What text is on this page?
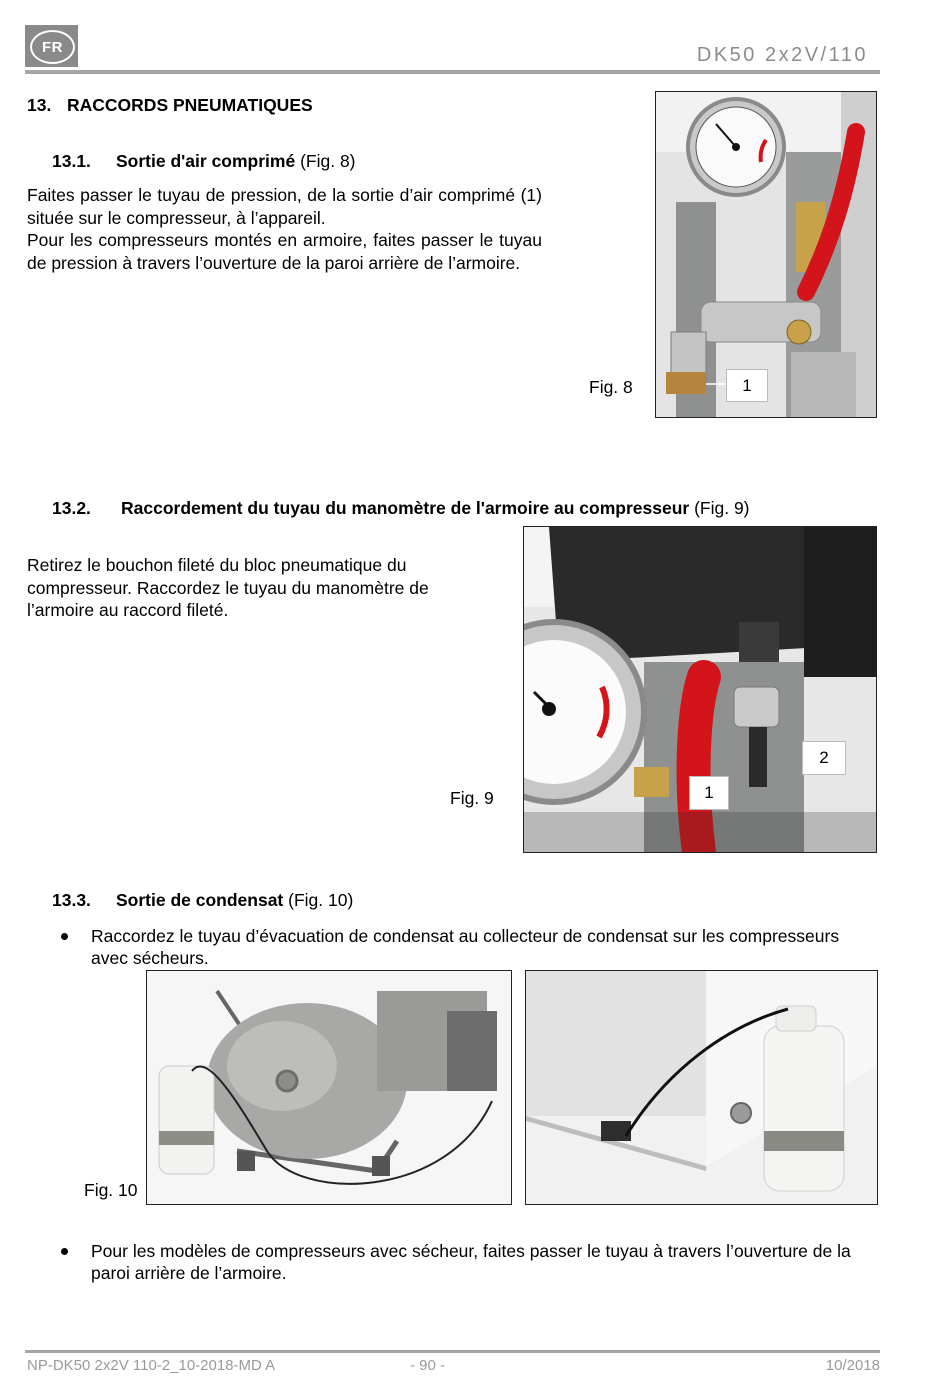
FR	DK50 2x2V/110
13. RACCORDS PNEUMATIQUES
13.1. Sortie d'air comprimé (Fig. 8)
Faites passer le tuyau de pression, de la sortie d’air comprimé (1) située sur le compresseur, à l’appareil.
Pour les compresseurs montés en armoire, faites passer le tuyau de pression à travers l’ouverture de la paroi arrière de l’armoire.
Fig. 8	1
13.2. Raccordement du tuyau du manomètre de l'armoire au compresseur (Fig. 9)
Retirez le bouchon fileté du bloc pneumatique du compresseur. Raccordez le tuyau du manomètre de l’armoire au raccord fileté.
Fig. 9
2
1
13.3. Sortie de condensat (Fig. 10)
Raccordez le tuyau d’évacuation de condensat au collecteur de condensat sur les compresseurs avec sécheurs.
Fig. 10
Pour les modèles de compresseurs avec sécheur, faites passer le tuyau à travers l’ouverture de la paroi arrière de l’armoire.
NP-DK50 2x2V 110-2_10-2018-MD A	- 90 -	10/2018
